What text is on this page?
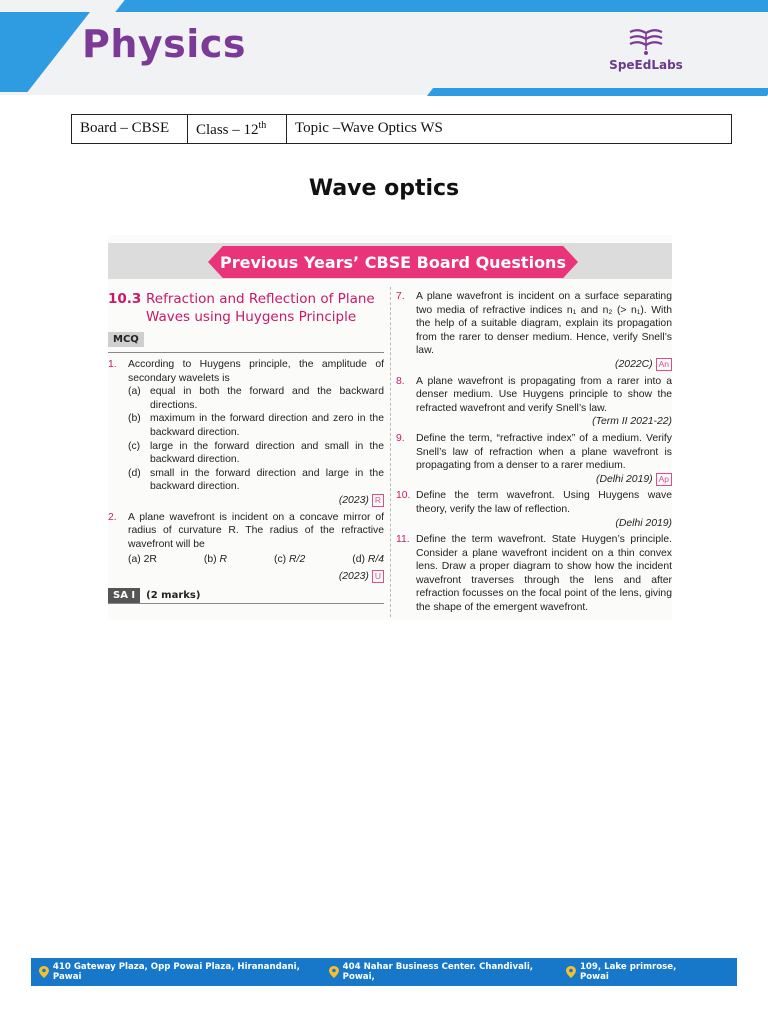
Physics	SpeEdLabs
Board – CBSE	Class – 12th	Topic –Wave Optics WS
Wave optics
Previous Years’ CBSE Board Questions
10.3 Refraction and Reflection of Plane Waves using Huygens Principle
MCQ
1.	According to Huygens principle, the amplitude of secondary wavelets is
(a) equal in both the forward and the backward directions.
(b) maximum in the forward direction and zero in the backward direction.
(c) large in the forward direction and small in the backward direction.
(d) small in the forward direction and large in the backward direction.
(2023) R
2.	A plane wavefront is incident on a concave mirror of radius of curvature R. The radius of the refractive wavefront will be
(a) 2R	(b) R	(c) R/2	(d) R/4
(2023) U
SA I	(2 marks)
7.	A plane wavefront is incident on a surface separating two media of refractive indices n₁ and n₂ (> n₁). With the help of a suitable diagram, explain its propagation from the rarer to denser medium. Hence, verify Snell’s law.
(2022C) An
8.	A plane wavefront is propagating from a rarer into a denser medium. Use Huygens principle to show the refracted wavefront and verify Snell’s law.
(Term II 2021-22)
9.	Define the term, “refractive index” of a medium. Verify Snell’s law of refraction when a plane wavefront is propagating from a denser to a rarer medium.
(Delhi 2019) Ap
10. Define the term wavefront. Using Huygens wave theory, verify the law of reflection.
(Delhi 2019)
11. Define the term wavefront. State Huygen’s principle. Consider a plane wavefront incident on a thin convex lens. Draw a proper diagram to show how the incident wavefront traverses through the lens and after refraction focusses on the focal point of the lens, giving the shape of the emergent wavefront.
410 Gateway Plaza, Opp Powai Plaza, Hiranandani, Pawai
404 Nahar Business Center. Chandivali, Powai,
109, Lake primrose, Powai
